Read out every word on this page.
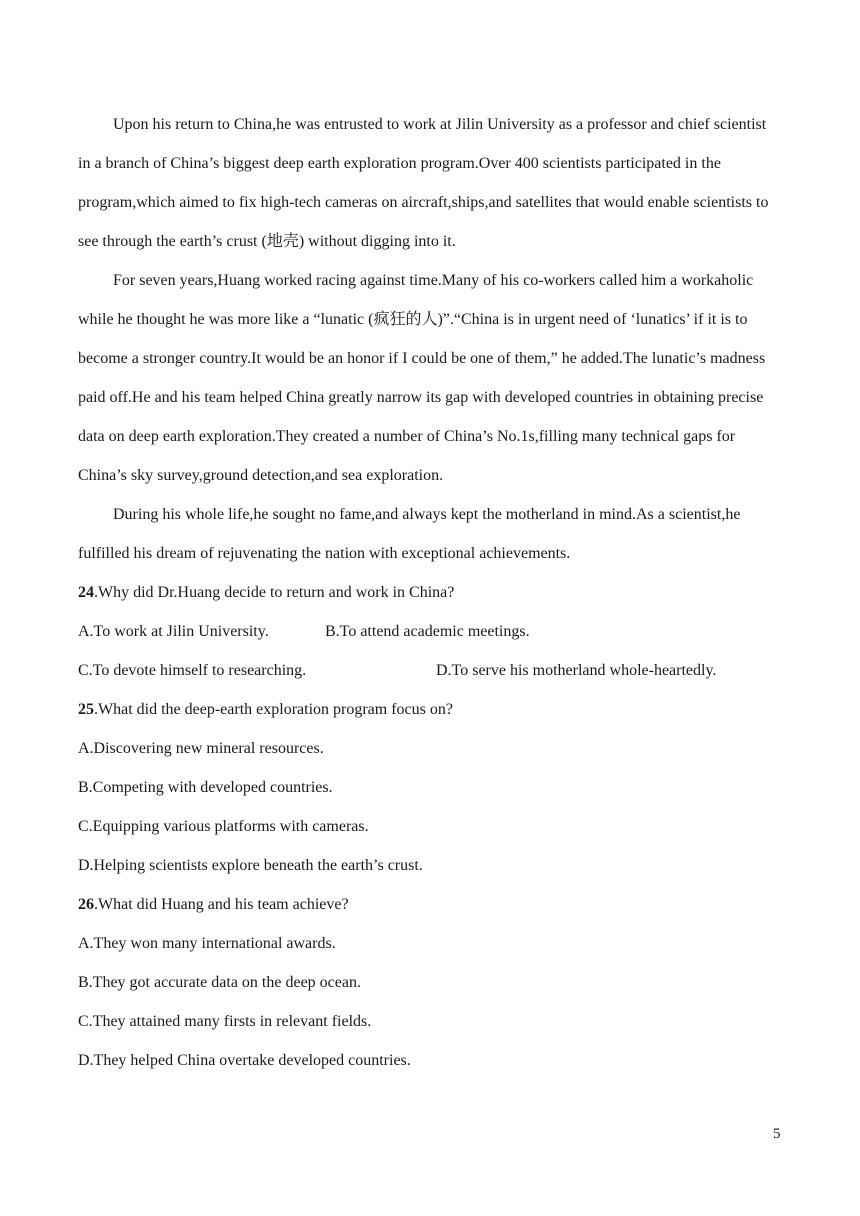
Upon his return to China,he was entrusted to work at Jilin University as a professor and chief scientist in a branch of China’s biggest deep earth exploration program.Over 400 scientists participated in the program,which aimed to fix high-tech cameras on aircraft,ships,and satellites that would enable scientists to see through the earth’s crust (地壳) without digging into it.

For seven years,Huang worked racing against time.Many of his co-workers called him a workaholic while he thought he was more like a “lunatic (疯狂的人)”.“China is in urgent need of ‘lunatics’ if it is to become a stronger country.It would be an honor if I could be one of them,” he added.The lunatic’s madness paid off.He and his team helped China greatly narrow its gap with developed countries in obtaining precise data on deep earth exploration.They created a number of China’s No.1s,filling many technical gaps for China’s sky survey,ground detection,and sea exploration.

During his whole life,he sought no fame,and always kept the motherland in mind.As a scientist,he fulfilled his dream of rejuvenating the nation with exceptional achievements.

24.Why did Dr.Huang decide to return and work in China?
A.To work at Jilin University.	B.To attend academic meetings.
C.To devote himself to researching.	D.To serve his motherland whole-heartedly.
25.What did the deep-earth exploration program focus on?
A.Discovering new mineral resources.
B.Competing with developed countries.
C.Equipping various platforms with cameras.
D.Helping scientists explore beneath the earth’s crust.
26.What did Huang and his team achieve?
A.They won many international awards.
B.They got accurate data on the deep ocean.
C.They attained many firsts in relevant fields.
D.They helped China overtake developed countries.
5
